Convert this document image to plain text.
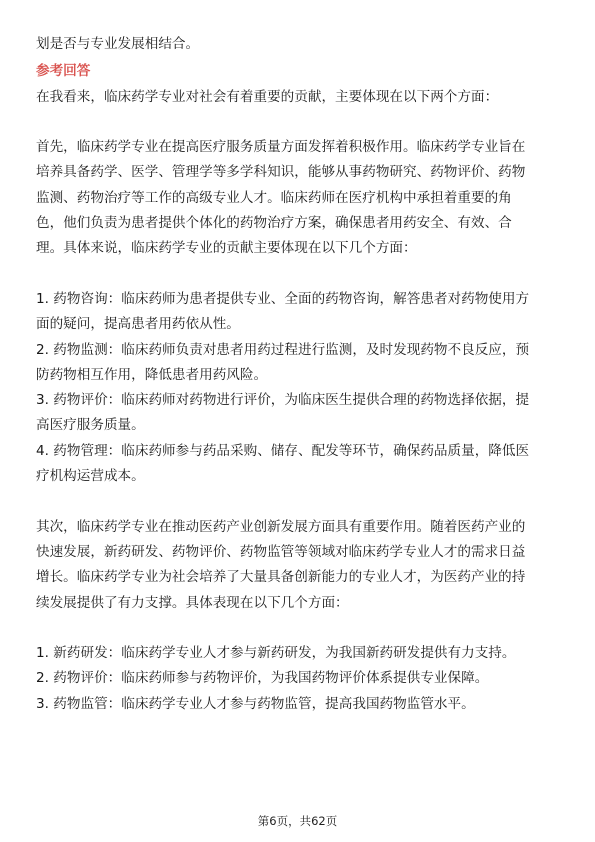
划是否与专业发展相结合。
参考回答
在我看来，临床药学专业对社会有着重要的贡献，主要体现在以下两个方面：
首先，临床药学专业在提高医疗服务质量方面发挥着积极作用。临床药学专业旨在
培养具备药学、医学、管理学等多学科知识，能够从事药物研究、药物评价、药物
监测、药物治疗等工作的高级专业人才。临床药师在医疗机构中承担着重要的角
色，他们负责为患者提供个体化的药物治疗方案，确保患者用药安全、有效、合
理。具体来说，临床药学专业的贡献主要体现在以下几个方面：
1. 药物咨询：临床药师为患者提供专业、全面的药物咨询，解答患者对药物使用方
面的疑问，提高患者用药依从性。
2. 药物监测：临床药师负责对患者用药过程进行监测，及时发现药物不良反应，预
防药物相互作用，降低患者用药风险。
3. 药物评价：临床药师对药物进行评价，为临床医生提供合理的药物选择依据，提
高医疗服务质量。
4. 药物管理：临床药师参与药品采购、储存、配发等环节，确保药品质量，降低医
疗机构运营成本。
其次，临床药学专业在推动医药产业创新发展方面具有重要作用。随着医药产业的
快速发展，新药研发、药物评价、药物监管等领域对临床药学专业人才的需求日益
增长。临床药学专业为社会培养了大量具备创新能力的专业人才，为医药产业的持
续发展提供了有力支撑。具体表现在以下几个方面：
1. 新药研发：临床药学专业人才参与新药研发，为我国新药研发提供有力支持。
2. 药物评价：临床药师参与药物评价，为我国药物评价体系提供专业保障。
3. 药物监管：临床药学专业人才参与药物监管，提高我国药物监管水平。
第6页，共62页
